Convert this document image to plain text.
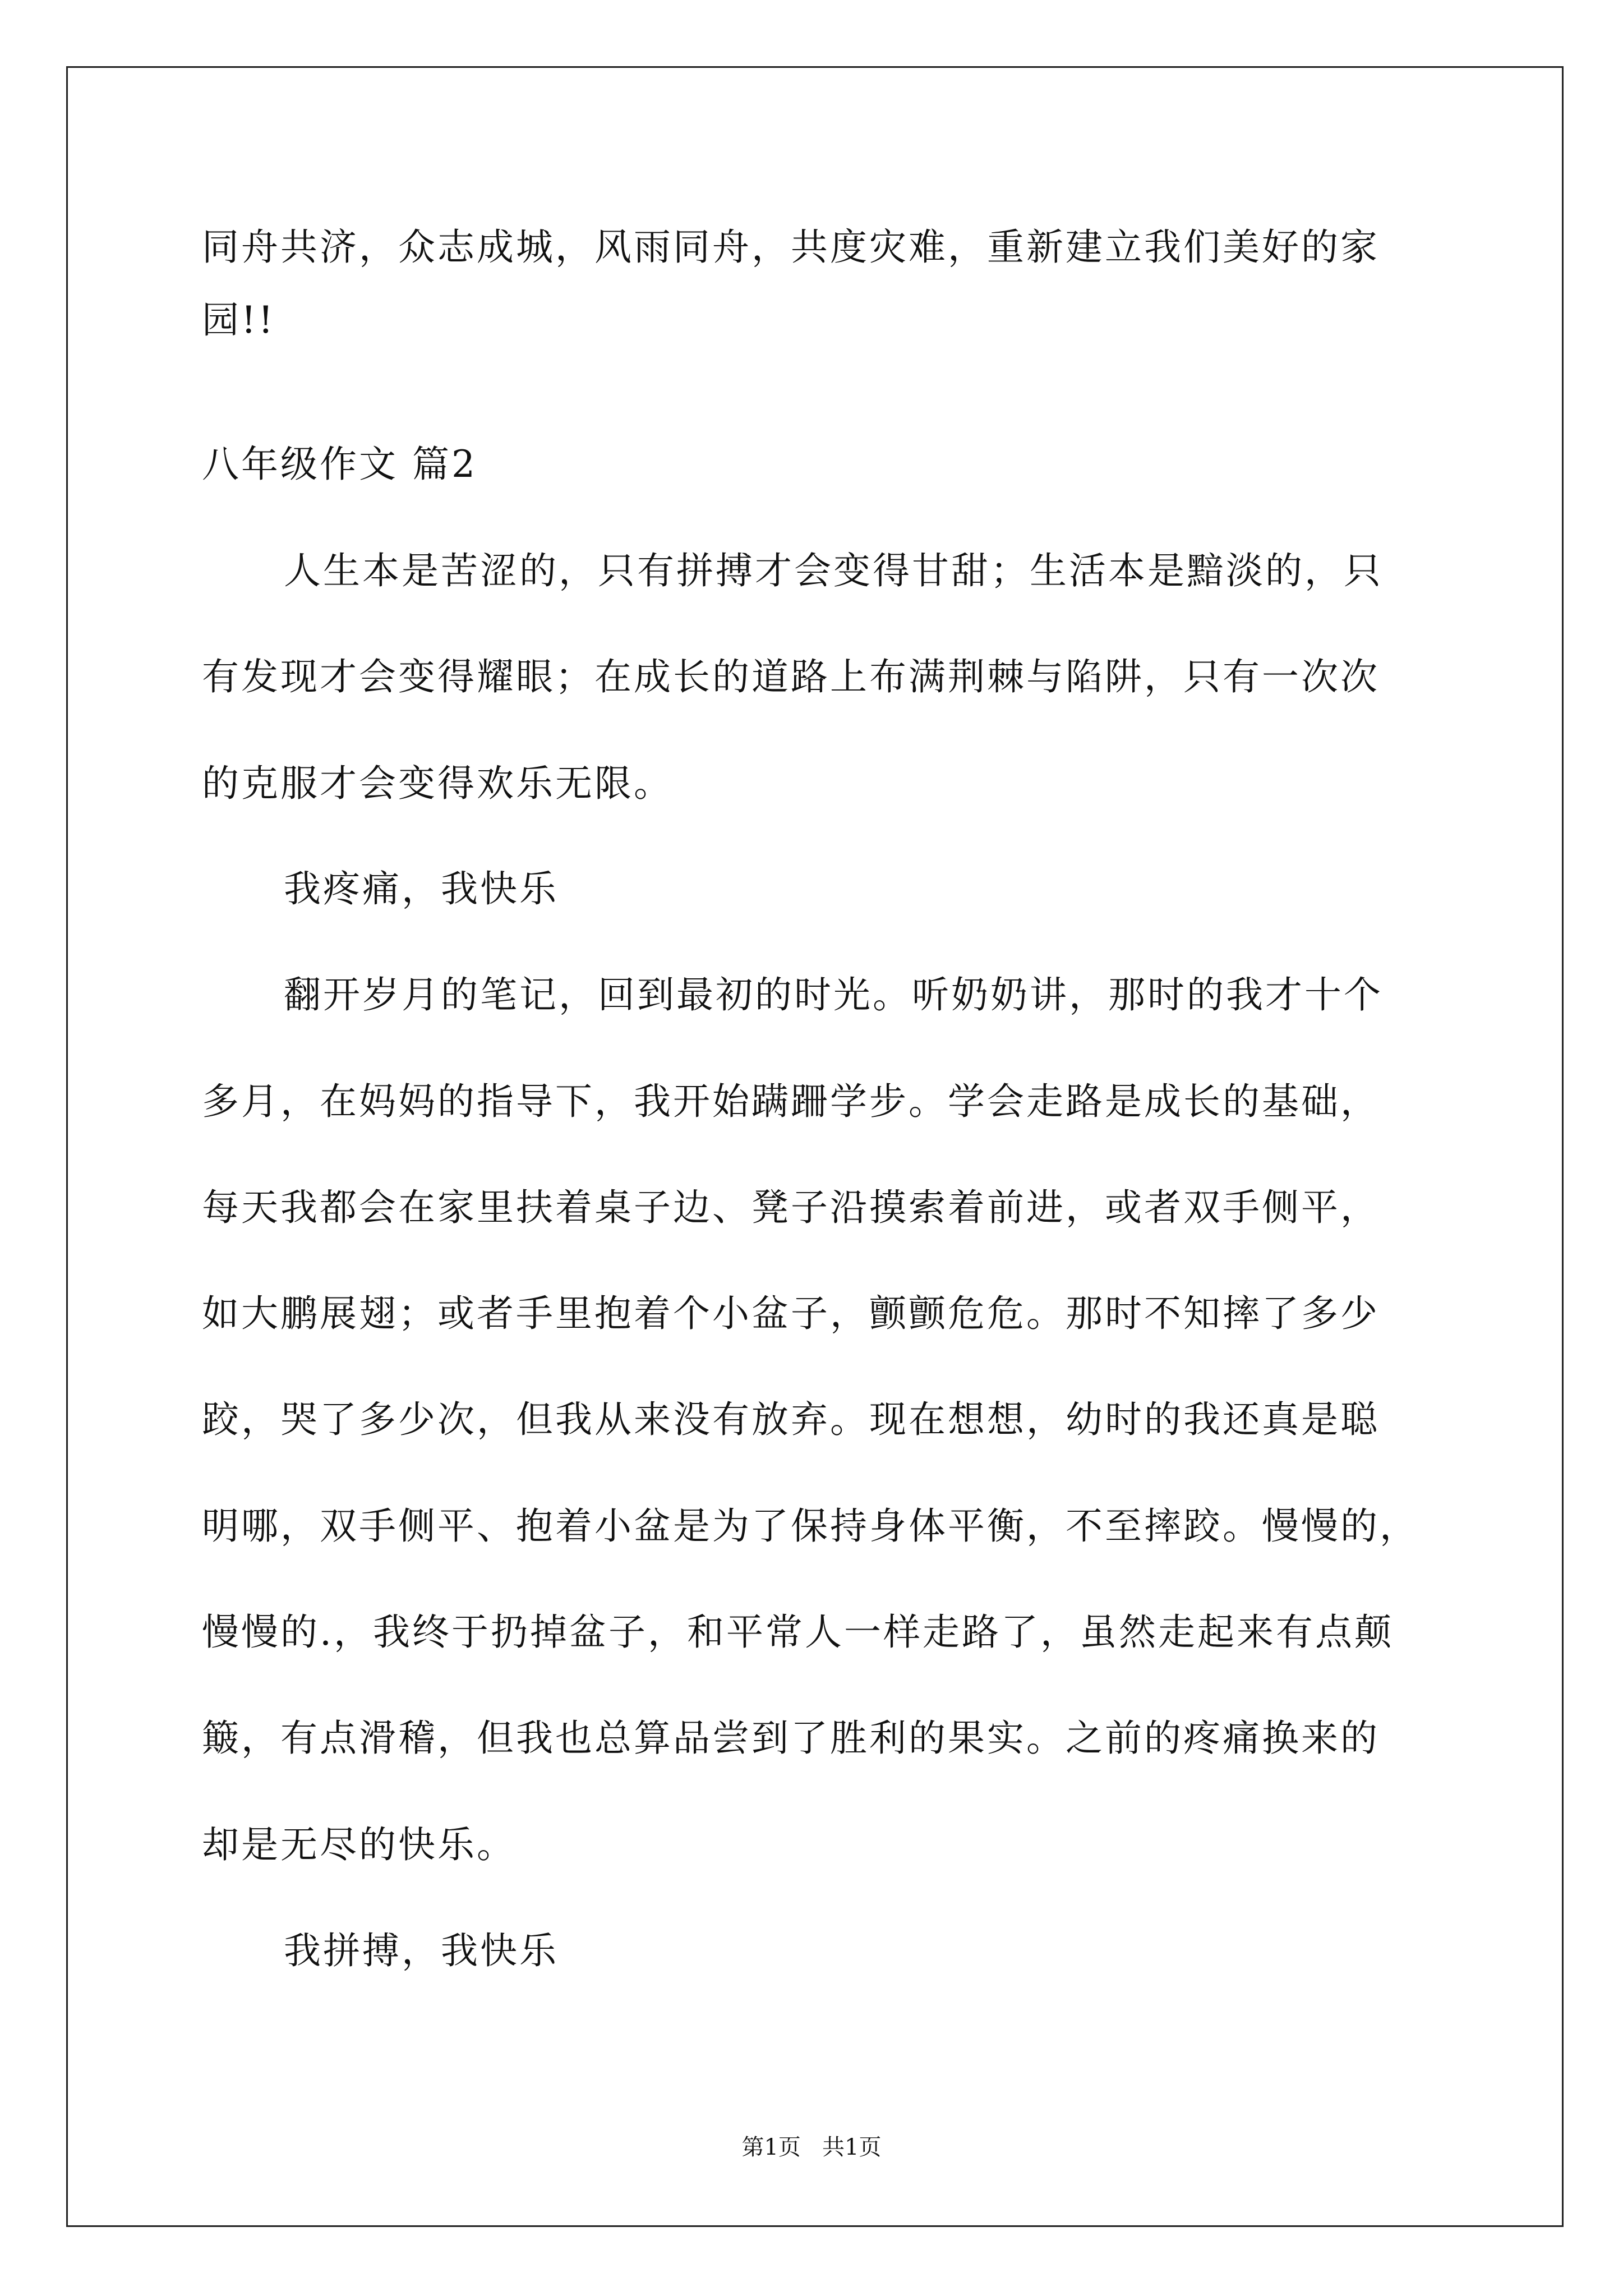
同舟共济，众志成城，风雨同舟，共度灾难，重新建立我们美好的家
园!!
八年级作文 篇2
人生本是苦涩的，只有拼搏才会变得甘甜；生活本是黯淡的，只
有发现才会变得耀眼；在成长的道路上布满荆棘与陷阱，只有一次次
的克服才会变得欢乐无限。
我疼痛，我快乐
翻开岁月的笔记，回到最初的时光。听奶奶讲，那时的我才十个
多月，在妈妈的指导下，我开始蹒跚学步。学会走路是成长的基础，
每天我都会在家里扶着桌子边、凳子沿摸索着前进，或者双手侧平，
如大鹏展翅；或者手里抱着个小盆子，颤颤危危。那时不知摔了多少
跤，哭了多少次，但我从来没有放弃。现在想想，幼时的我还真是聪
明哪，双手侧平、抱着小盆是为了保持身体平衡，不至摔跤。慢慢的，
慢慢的.，我终于扔掉盆子，和平常人一样走路了，虽然走起来有点颠
簸，有点滑稽，但我也总算品尝到了胜利的果实。之前的疼痛换来的
却是无尽的快乐。
我拼搏，我快乐
第1页   共1页
